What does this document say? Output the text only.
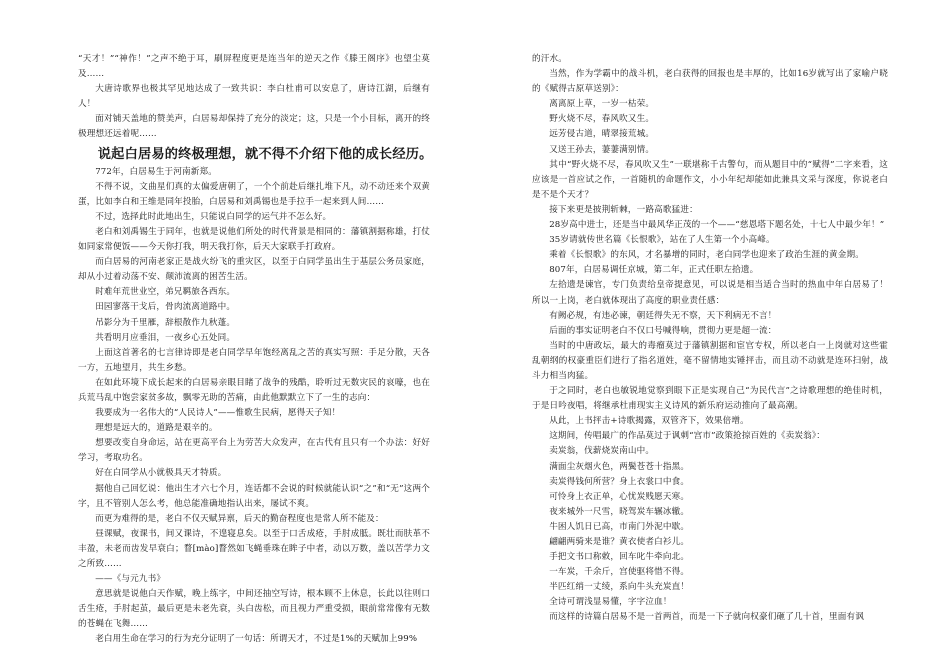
“天才！”“神作！”之声不绝于耳，刷屏程度更是连当年的逆天之作《滕王阁序》也望尘莫及……

大唐诗歌界也极其罕见地达成了一致共识：李白杜甫可以安息了，唐诗江湖，后继有人！

面对铺天盖地的赞美声，白居易却保持了充分的淡定；这，只是一个小目标，离开的终极理想还远着呢……

说起白居易的终极理想，就不得不介绍下他的成长经历。

772年，白居易生于河南新郑。

不得不说，文曲星们真的太偏爱唐朝了，一个个前赴后继扎堆下凡，动不动还来个双黄蛋，比如李白和王维是同年投胎，白居易和刘禹锡也是手拉手一起来到人间……

不过，选择此时此地出生，只能说白同学的运气并不怎么好。

老白和刘禹锡生于同年，也就是说他们所处的时代背景是相同的：藩镇割据称雄，打仗如同家常便饭——今天你打我，明天我打你，后天大家联手打政府。

而白居易的河南老家正是战火纷飞的重灾区，以至于白同学虽出生于基层公务员家庭，却从小过着动荡不安、颠沛流离的困苦生活。

时难年荒世业空，弟兄羁旅各西东。

田园寥落干戈后，骨肉流离道路中。

吊影分为千里雁，辞根散作九秋蓬。

共看明月应垂泪，一夜乡心五处同。

上面这首著名的七言律诗即是老白同学早年饱经离乱之苦的真实写照：手足分散，天各一方，五地望月，共生乡愁。

在如此环境下成长起来的白居易亲眼目睹了战争的残酷，聆听过无数灾民的哀嚎，也在兵荒马乱中饱尝家贫多故，飘零无助的苦痛，由此他默默立下了一生的志向：

我要成为一名伟大的“人民诗人”——惟歌生民病，愿得天子知！

理想是远大的，道路是艰辛的。

想要改变自身命运，站在更高平台上为劳苦大众发声，在古代有且只有一个办法：好好学习，考取功名。

好在白同学从小就极具天才特质。

据他自己回忆说：他出生才六七个月，连话都不会说的时候就能认识“之”和“无”这两个字，且不管别人怎么考，他总能准确地指认出来，屡试不爽。

而更为难得的是，老白不仅天赋异禀，后天的勤奋程度也是常人所不能及：

昼课赋，夜课书，间又课诗，不遑寝息矣。以至于口舌成疮，手肘成胝。既壮而肤革不丰盈，未老而齿发早衰白；瞀[mào]瞀然如飞蝇垂珠在眸子中者，动以万数，盖以苦学力文之所致……

——《与元九书》

意思就是说他白天作赋，晚上练字，中间还抽空写诗，根本顾不上休息，长此以往则口舌生疮，手肘起茧，最后更是未老先衰，头白齿松，而且视力严重受损，眼前常常像有无数的苍蝇在飞舞……

老白用生命在学习的行为充分证明了一句话：所谓天才，不过是1%的天赋加上99%

的汗水。

当然，作为学霸中的战斗机，老白获得的回报也是丰厚的，比如16岁就写出了家喻户晓的《赋得古原草送别》：

离离原上草，一岁一枯荣。

野火烧不尽，春风吹又生。

远芳侵古道，晴翠接荒城。

又送王孙去，萋萋满别情。

其中“野火烧不尽，春风吹又生”一联堪称千古警句，而从题目中的“赋得”二字来看，这应该是一首应试之作，一首随机的命题作文，小小年纪却能如此兼具文采与深度，你说老白是不是个天才？

接下来更是披荆斩棘，一路高歌猛进：

28岁高中进士，还是当中最风华正茂的一个——“慈恩塔下题名处，十七人中最少年！”

35岁请就传世名篇《长恨歌》，站在了人生第一个小高峰。

乘着《长恨歌》的东风，才名暴增的同时，老白同学也迎来了政治生涯的黄金期。

807年，白居易调任京城，第二年，正式任职左拾遗。

左拾遗是谏官，专门负责给皇帝提意见，可以说是相当适合当时的热血中年白居易了！所以一上岗，老白就体现出了高度的职业责任感：

有阙必规，有违必谏，朝廷得失无不察，天下利病无不言！

后面的事实证明老白不仅口号喊得响，贯彻力更是超一流：

当时的中唐政坛，最大的毒瘤莫过于藩镇割据和宦官专权，所以老白一上岗就对这些霍乱朝纲的权豪重臣们进行了指名道姓，毫不留情地实锤抨击，而且动不动就是连环扫射，战斗力相当肉猛。

于之同时，老白也敏锐地觉察到眼下正是实现自己“为民代言”之诗歌理想的绝佳时机，于是日吟夜唱，将继承杜甫现实主义诗风的新乐府运动推向了最高潮。

从此，上书抨击+诗歌揭露，双管齐下，效果倍增。

这期间，传唱最广的作品莫过于讽刺“宫市”政策抢掠百姓的《卖炭翁》：

卖炭翁，伐薪烧炭南山中。

满面尘灰烟火色，两鬓苍苍十指黑。

卖炭得钱何所营？身上衣裳口中食。

可怜身上衣正单，心忧炭贱愿天寒。

夜来城外一尺雪，晓驾炭车辗冰辙。

牛困人饥日已高，市南门外泥中歇。

翩翩两骑来是谁？黄衣使者白衫儿。

手把文书口称敕，回车叱牛牵向北。

一车炭，千余斤，宫使驱将惜不得。

半匹红绡一丈绫，系向牛头充炭直！

全诗可谓浅显易懂，字字泣血！

而这样的诗篇白居易不是一首两首，而是一下子就向权豪们砸了几十首，里面有讽
